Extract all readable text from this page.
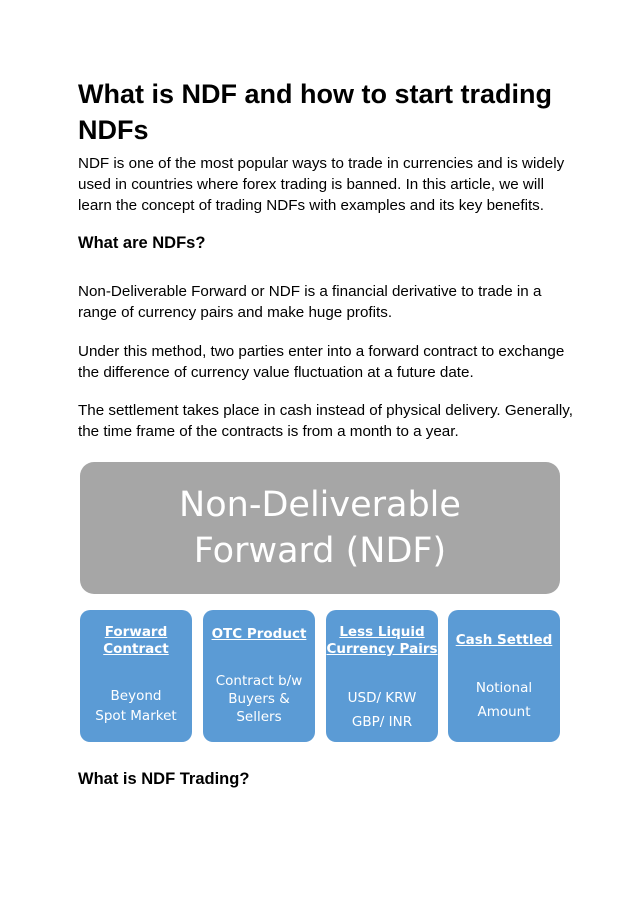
What is NDF and how to start trading NDFs

NDF is one of the most popular ways to trade in currencies and is widely used in countries where forex trading is banned. In this article, we will learn the concept of trading NDFs with examples and its key benefits.

What are NDFs?

Non-Deliverable Forward or NDF is a financial derivative to trade in a range of currency pairs and make huge profits.

Under this method, two parties enter into a forward contract to exchange the difference of currency value fluctuation at a future date.

The settlement takes place in cash instead of physical delivery. Generally, the time frame of the contracts is from a month to a year.

Non-Deliverable
Forward (NDF)
Forward
Contract
Beyond
Spot Market
OTC Product
Contract b/w
Buyers &
Sellers
Less Liquid
Currency Pairs
USD/ KRW
GBP/ INR
Cash Settled
Notional
Amount
What is NDF Trading?
